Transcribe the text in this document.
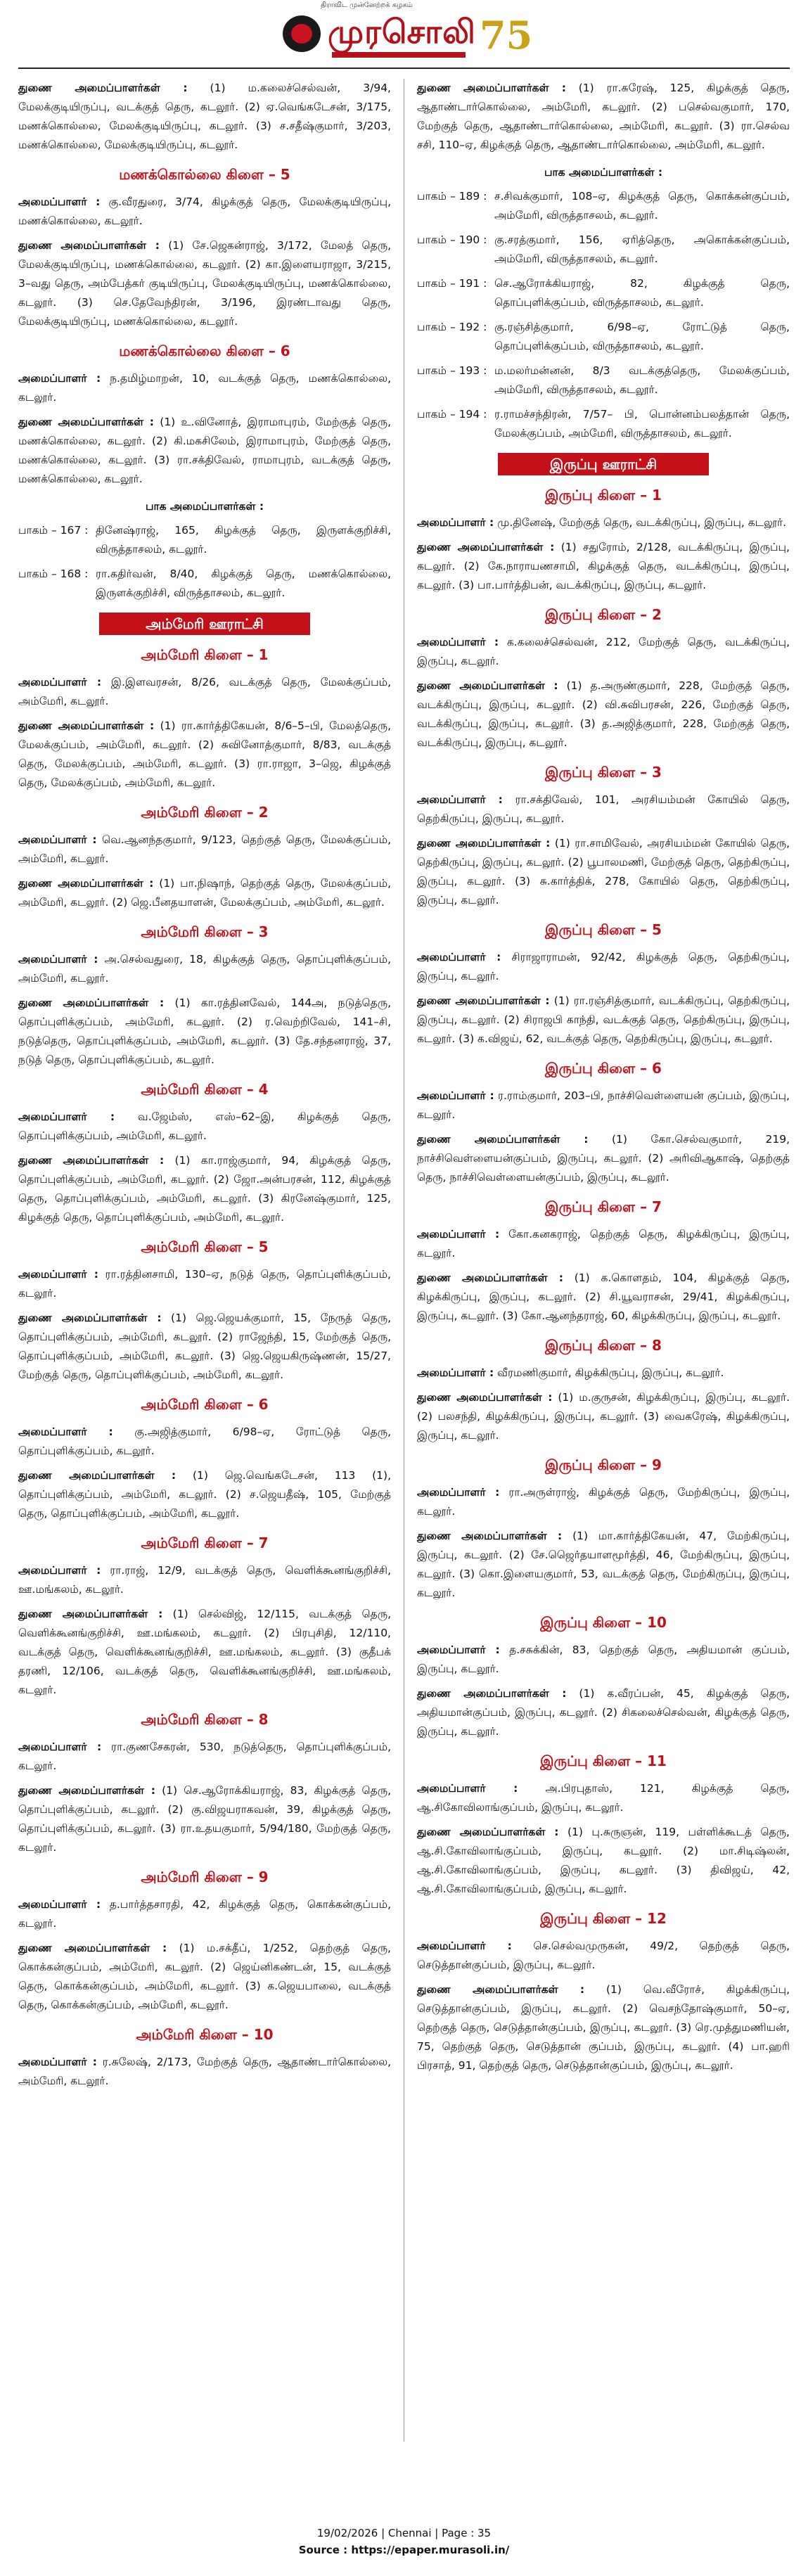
திராவிட முன்னேற்றக் கழகம்
முரசொலி 75

துணை அமைப்பாளர்கள் : (1) ம.கலைச்செல்வன், 3/94, மேலக்குடியிருப்பு, வடக்குத் தெரு, கடலூர். (2) ஏ.வெங்கடேசன், 3/175, மணக்கொல்லை, மேலக்குடியிருப்பு, கடலூர். (3) ச.சதீஷ்குமார், 3/203, மணக்கொல்லை, மேலக்குடியிருப்பு, கடலூர்.

மணக்கொல்லை கிளை – 5

அமைப்பாளர் : கு.வீரதுரை, 3/74, கிழக்குத் தெரு, மேலக்குடியிருப்பு, மணக்கொல்லை, கடலூர்.

துணை அமைப்பாளர்கள் : (1) சே.ஜெகன்ராஜ், 3/172, மேலத் தெரு, மேலக்குடியிருப்பு, மணக்கொல்லை, கடலூர். (2) கா.இளையராஜா, 3/215, 3–வது தெரு, அம்பேத்கர் குடியிருப்பு, மேலக்குடியிருப்பு, மணக்கொல்லை, கடலூர். (3) செ.தேவேந்திரன், 3/196, இரண்டாவது தெரு, மேலக்குடியிருப்பு, மணக்கொல்லை, கடலூர்.

மணக்கொல்லை கிளை – 6

அமைப்பாளர் : ந.தமிழ்மாறன், 10, வடக்குத் தெரு, மணக்கொல்லை, கடலூர்.

துணை அமைப்பாளர்கள் : (1) உ.வினோத், இராமாபுரம், மேற்குத் தெரு, மணக்கொல்லை, கடலூர். (2) கி.மகசிலேம், இராமாபுரம், மேற்குத் தெரு, மணக்கொல்லை, கடலூர். (3) ரா.சக்திவேல், ராமாபுரம், வடக்குத் தெரு, மணக்கொல்லை, கடலூர்.

பாக அமைப்பாளர்கள் :
பாகம் – 167 : தினேஷ்ராஜ், 165, கிழக்குத் தெரு, இருளக்குறிச்சி, விருத்தாசலம், கடலூர்.
பாகம் – 168 : ரா.கதிர்வன், 8/40, கிழக்குத் தெரு, மணக்கொல்லை, இருளக்குறிச்சி, விருத்தாசலம், கடலூர்.
அம்மேரி ஊராட்சி
அம்மேரி கிளை – 1

அமைப்பாளர் : இ.இளவரசன், 8/26, வடக்குத் தெரு, மேலக்குப்பம், அம்மேரி, கடலூர்.

துணை அமைப்பாளர்கள் : (1) ரா.கார்த்திகேயன், 8/6–5–பி, மேலத்தெரு, மேலக்குப்பம், அம்மேரி, கடலூர். (2) சுவினோத்குமார், 8/83, வடக்குத் தெரு, மேலக்குப்பம், அம்மேரி, கடலூர். (3) ரா.ராஜா, 3–ஜெ, கிழக்குத் தெரு, மேலக்குப்பம், அம்மேரி, கடலூர்.

அம்மேரி கிளை – 2

அமைப்பாளர் : வெ.ஆனந்தகுமார், 9/123, தெற்குத் தெரு, மேலக்குப்பம், அம்மேரி, கடலூர்.

துணை அமைப்பாளர்கள் : (1) பா.நிஷாந், தெற்குத் தெரு, மேலக்குப்பம், அம்மேரி, கடலூர். (2) ஜெ.பீனதயாளன், மேலக்குப்பம், அம்மேரி, கடலூர்.

அம்மேரி கிளை – 3

அமைப்பாளர் : அ.செல்வதுரை, 18, கிழக்குத் தெரு, தொப்புளிக்குப்பம், அம்மேரி, கடலூர்.

துணை அமைப்பாளர்கள் : (1) கா.ரத்தினவேல், 144அ, நடுத்தெரு, தொப்புளிக்குப்பம், அம்மேரி, கடலூர். (2) ர.வெற்றிவேல், 141–சி, நடுத்தெரு, தொப்புளிக்குப்பம், அம்மேரி, கடலூர். (3) தே.சந்தனராஜ், 37, நடுத் தெரு, தொப்புளிக்குப்பம், கடலூர்.

அம்மேரி கிளை – 4

அமைப்பாளர் : வ.ஜேம்ஸ், எஸ்–62–இ, கிழக்குத் தெரு, தொப்புளிக்குப்பம், அம்மேரி, கடலூர்.

துணை அமைப்பாளர்கள் : (1) கா.ராஜ்குமார், 94, கிழக்குத் தெரு, தொப்புளிக்குப்பம், அம்மேரி, கடலூர். (2) ஜோ.அன்பரசன், 112, கிழக்குத் தெரு, தொப்புளிக்குப்பம், அம்மேரி, கடலூர். (3) கிரனேஷ்குமார், 125, கிழக்குத் தெரு, தொப்புளிக்குப்பம், அம்மேரி, கடலூர்.

அம்மேரி கிளை – 5

அமைப்பாளர் : ரா.ரத்தினசாமி, 130–ஏ, நடுத் தெரு, தொப்புளிக்குப்பம், கடலூர்.

துணை அமைப்பாளர்கள் : (1) ஜெ.ஜெயக்குமார், 15, நேருத் தெரு, தொப்புளிக்குப்பம், அம்மேரி, கடலூர். (2) ராஜேந்தி, 15, மேற்குத் தெரு, தொப்புளிக்குப்பம், அம்மேரி, கடலூர். (3) ஜெ.ஜெயகிருஷ்ணன், 15/27, மேற்குத் தெரு, தொப்புளிக்குப்பம், அம்மேரி, கடலூர்.

அம்மேரி கிளை – 6

அமைப்பாளர் : கு.அஜித்குமார், 6/98–ஏ, ரோட்டுத் தெரு, தொப்புளிக்குப்பம், கடலூர்.

துணை அமைப்பாளர்கள் : (1) ஜெ.வெங்கடேசன், 113 (1), தொப்புளிக்குப்பம், அம்மேரி, கடலூர். (2) ச.ஜெயதீஷ், 105, மேற்குத் தெரு, தொப்புளிக்குப்பம், அம்மேரி, கடலூர்.

அம்மேரி கிளை – 7

அமைப்பாளர் : ரா.ராஜ், 12/9, வடக்குத் தெரு, வெளிக்கூனங்குறிச்சி, ஊ.மங்கலம், கடலூர்.

துணை அமைப்பாளர்கள் : (1) செல்விஜ், 12/115, வடக்குத் தெரு, வெளிக்கூனங்குறிச்சி, ஊ.மங்கலம், கடலூர். (2) பிரபுசிதி, 12/110, வடக்குத் தெரு, வெளிக்கூனங்குறிச்சி, ஊ.மங்கலம், கடலூர். (3) குதீபக் தரணி, 12/106, வடக்குத் தெரு, வெளிக்கூனங்குறிச்சி, ஊ.மங்கலம், கடலூர்.

அம்மேரி கிளை – 8

அமைப்பாளர் : ரா.குணசேகரன், 530, நடுத்தெரு, தொப்புளிக்குப்பம், கடலூர்.

துணை அமைப்பாளர்கள் : (1) செ.ஆரோக்கியராஜ், 83, கிழக்குத் தெரு, தொப்புளிக்குப்பம், கடலூர். (2) கு.விஜயராகவன், 39, கிழக்குத் தெரு, தொப்புளிக்குப்பம், கடலூர். (3) ரா.உதயகுமார், 5/94/180, மேற்குத் தெரு, கடலூர்.

அம்மேரி கிளை – 9

அமைப்பாளர் : த.பார்த்தசாரதி, 42, கிழக்குத் தெரு, கொக்கன்குப்பம், கடலூர்.

துணை அமைப்பாளர்கள் : (1) ம.சக்தீப், 1/252, தெற்குத் தெரு, கொக்கன்குப்பம், அம்மேரி, கடலூர். (2) ஜெய்னிகண்டன், 15, வடக்குத் தெரு, கொக்கன்குப்பம், அம்மேரி, கடலூர். (3) க.ஜெயபாலை, வடக்குத் தெரு, கொக்கன்குப்பம், அம்மேரி, கடலூர்.

அம்மேரி கிளை – 10

அமைப்பாளர் : ர.சுலேஷ், 2/173, மேற்குத் தெரு, ஆதாண்டார்கொல்லை, அம்மேரி, கடலூர்.

துணை அமைப்பாளர்கள் : (1) ரா.சுரேஷ், 125, கிழக்குத் தெரு, ஆதாண்டார்கொல்லை, அம்மேரி, கடலூர். (2) பசெல்வகுமார், 170, மேற்குத் தெரு, ஆதாண்டார்கொல்லை, அம்மேரி, கடலூர். (3) ரா.செல்வ சசி, 110–ஏ, கிழக்குத் தெரு, ஆதாண்டார்கொல்லை, அம்மேரி, கடலூர்.

பாக அமைப்பாளர்கள் :
பாகம் – 189 : ச.சிவக்குமார், 108–ஏ, கிழக்குத் தெரு, கொக்கன்குப்பம், அம்மேரி, விருத்தாசலம், கடலூர்.
பாகம் – 190 : கு.சரத்குமார், 156, ஏரித்தெரு, அகொக்கன்குப்பம், அம்மேரி, விருத்தாசலம், கடலூர்.
பாகம் – 191 : செ.ஆரோக்கியராஜ், 82, கிழக்குத் தெரு, தொப்புளிக்குப்பம், விருத்தாசலம், கடலூர்.
பாகம் – 192 : கு.ரஞ்சித்குமார், 6/98–ஏ, ரோட்டுத் தெரு, தொப்புளிக்குப்பம், விருத்தாசலம், கடலூர்.
பாகம் – 193 : ம.மலர்மன்னன், 8/3 வடக்குத்தெரு, மேலக்குப்பம், அம்மேரி, விருத்தாசலம், கடலூர்.
பாகம் – 194 : ர.ராமச்சந்திரன், 7/57– பி, பொன்னம்பலத்தான் தெரு, மேலக்குப்பம், அம்மேரி, விருத்தாசலம், கடலூர்.
இருப்பு ஊராட்சி
இருப்பு கிளை – 1

அமைப்பாளர் : மு.தினேஷ், மேற்குத் தெரு, வடக்கிருப்பு, இருப்பு, கடலூர்.

துணை அமைப்பாளர்கள் : (1) சதுரோம், 2/128, வடக்கிருப்பு, இருப்பு, கடலூர். (2) கே.நாராயணசாமி, கிழக்குத் தெரு, வடக்கிருப்பு, இருப்பு, கடலூர். (3) பா.பார்த்திபன், வடக்கிருப்பு, இருப்பு, கடலூர்.

இருப்பு கிளை – 2

அமைப்பாளர் : க.கலைச்செல்வன், 212, மேற்குத் தெரு, வடக்கிருப்பு, இருப்பு, கடலூர்.

துணை அமைப்பாளர்கள் : (1) த.அருண்குமார், 228, மேற்குத் தெரு, வடக்கிருப்பு, இருப்பு, கடலூர். (2) வி.சுவிபரசன், 226, மேற்குத் தெரு, வடக்கிருப்பு, இருப்பு, கடலூர். (3) த.அஜித்குமார், 228, மேற்குத் தெரு, வடக்கிருப்பு, இருப்பு, கடலூர்.

இருப்பு கிளை – 3

அமைப்பாளர் : ரா.சக்திவேல், 101, அரசியம்மன் கோயில் தெரு, தெற்கிருப்பு, இருப்பு, கடலூர்.

துணை அமைப்பாளர்கள் : (1) ரா.சாமிவேல், அரசியம்மன் கோயில் தெரு, தெற்கிருப்பு, இருப்பு, கடலூர். (2) பூபாலமணி, மேற்குத் தெரு, தெற்கிருப்பு, இருப்பு, கடலூர். (3) சு.கார்த்திக், 278, கோயில் தெரு, தெற்கிருப்பு, இருப்பு, கடலூர்.

இருப்பு கிளை – 5

அமைப்பாளர் : சிராஜாராமன், 92/42, கிழக்குத் தெரு, தெற்கிருப்பு, இருப்பு, கடலூர்.

துணை அமைப்பாளர்கள் : (1) ரா.ரஞ்சித்குமார், வடக்கிருப்பு, தெற்கிருப்பு, இருப்பு, கடலூர். (2) சிராஜபி காந்தி, வடக்குத் தெரு, தெற்கிருப்பு, இருப்பு, கடலூர். (3) க.விஜய், 62, வடக்குத் தெரு, தெற்கிருப்பு, இருப்பு, கடலூர்.

இருப்பு கிளை – 6

அமைப்பாளர் : ர.ராம்குமார், 203–பி, நாச்சிவெள்ளையன் குப்பம், இருப்பு, கடலூர்.

துணை அமைப்பாளர்கள் : (1) கோ.செல்வகுமார், 219, நாச்சிவெள்ளையன்குப்பம், இருப்பு, கடலூர். (2) அரிவிஆகாஷ், தெற்குத் தெரு, நாச்சிவெள்ளையன்குப்பம், இருப்பு, கடலூர்.

இருப்பு கிளை – 7

அமைப்பாளர் : கோ.கனகராஜ், தெற்குத் தெரு, கிழக்கிருப்பு, இருப்பு, கடலூர்.

துணை அமைப்பாளர்கள் : (1) க.கொளதம், 104, கிழக்குத் தெரு, கிழக்கிருப்பு, இருப்பு, கடலூர். (2) சி.யூவராசன், 29/41, கிழக்கிருப்பு, இருப்பு, கடலூர். (3) கோ.ஆனந்தராஜ், 60, கிழக்கிருப்பு, இருப்பு, கடலூர்.

இருப்பு கிளை – 8

அமைப்பாளர் : வீரமணிகுமார், கிழக்கிருப்பு, இருப்பு, கடலூர்.

துணை அமைப்பாளர்கள் : (1) ம.குருசன், கிழக்கிருப்பு, இருப்பு, கடலூர். (2) பலசந்தி, கிழக்கிருப்பு, இருப்பு, கடலூர். (3) வைகரேஷ், கிழக்கிருப்பு, இருப்பு, கடலூர்.

இருப்பு கிளை – 9

அமைப்பாளர் : ரா.அருள்ராஜ், கிழக்குத் தெரு, மேற்கிருப்பு, இருப்பு, கடலூர்.

துணை அமைப்பாளர்கள் : (1) மா.கார்த்திகேயன், 47, மேற்கிருப்பு, இருப்பு, கடலூர். (2) சே.ஜெெர்தயாளமூர்த்தி, 46, மேற்கிருப்பு, இருப்பு, கடலூர். (3) கொ.இளையகுமார், 53, வடக்குத் தெரு, மேற்கிருப்பு, இருப்பு, கடலூர்.

இருப்பு கிளை – 10

அமைப்பாளர் : த.சசுக்கின், 83, தெற்குத் தெரு, அதியமான் குப்பம், இருப்பு, கடலூர்.

துணை அமைப்பாளர்கள் : (1) க.வீரப்பன், 45, கிழக்குத் தெரு, அதியமான்குப்பம், இருப்பு, கடலூர். (2) சிகலைச்செல்வன், கிழக்குத் தெரு, இருப்பு, கடலூர்.

இருப்பு கிளை – 11

அமைப்பாளர் : அ.பிரபுதாஸ், 121, கிழக்குத் தெரு, ஆ.சிகோவிலாங்குப்பம், இருப்பு, கடலூர்.

துணை அமைப்பாளர்கள் : (1) பு.சுருஞன், 119, பள்ளிக்கூடத் தெரு, ஆ.சி.கோவிலாங்குப்பம், இருப்பு, கடலூர். (2) மா.சிடிஷ்லன், ஆ.சி.கோவிலாங்குப்பம், இருப்பு, கடலூர். (3) திவிஜய், 42, ஆ.சி.கோவிலாங்குப்பம், இருப்பு, கடலூர்.

இருப்பு கிளை – 12

அமைப்பாளர் : செ.செல்வமுருகன், 49/2, தெற்குத் தெரு, செடுத்தான்குப்பம், இருப்பு, கடலூர்.

துணை அமைப்பாளர்கள் : (1) வெ.வீரோச், கிழக்கிருப்பு, செடுத்தான்குப்பம், இருப்பு, கடலூர். (2) வெசந்தோஷ்குமார், 50–ஏ, தெற்குத் தெரு, செடுத்தான்குப்பம், இருப்பு, கடலூர். (3) ரெ.முத்துமணியன், 75, தெற்குத் தெரு, செடுத்தான் குப்பம், இருப்பு, கடலூர். (4) பா.ஹரி பிரசாத், 91, தெற்குத் தெரு, செடுத்தான்குப்பம், இருப்பு, கடலூர்.

19/02/2026 | Chennai | Page : 35
Source : https://epaper.murasoli.in/
